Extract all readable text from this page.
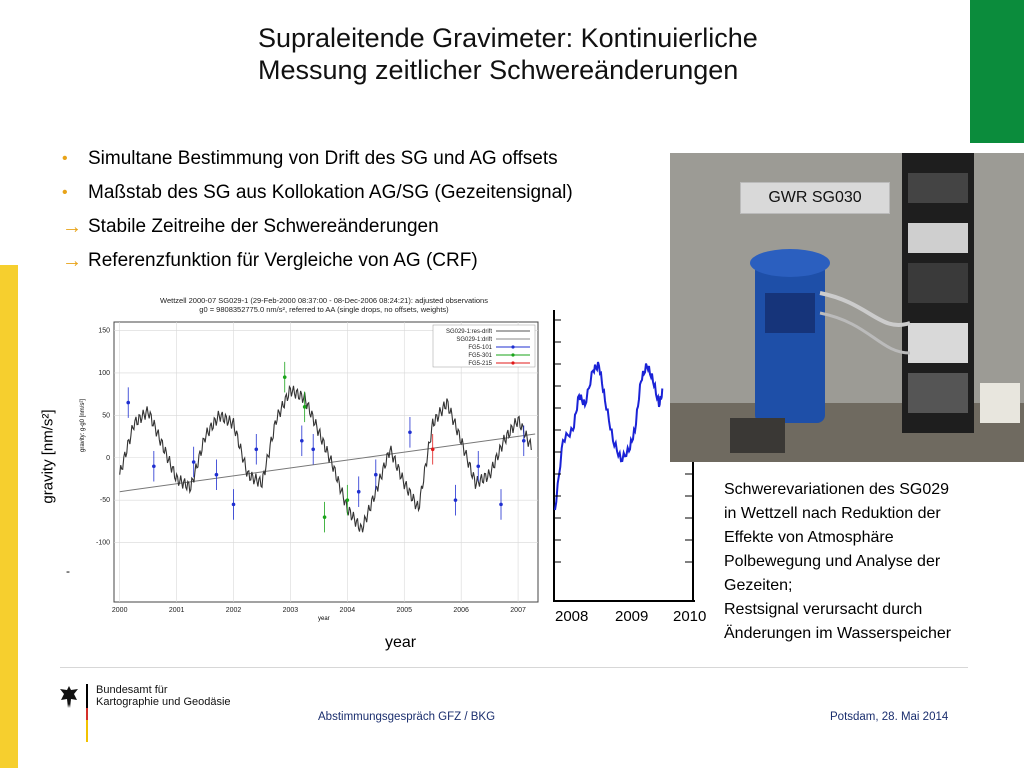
Supraleitende Gravimeter: Kontinuierliche
Messung zeitlicher Schwereänderungen
•	Simultane Bestimmung von Drift des SG und AG offsets
•	Maßstab des SG aus Kollokation AG/SG (Gezeitensignal)
→ Stabile Zeitreihe der Schwereänderungen
→ Referenzfunktion für Vergleiche von AG (CRF)
gravity [nm/s²]
-
year
Wettzell 2000-07 SG029-1 (29-Feb-2000 08:37:00 - 08-Dec-2006 08:24:21): adjusted observations
g0 = 9808352775.0 nm/s², referred to AA (single drops, no offsets, weights)
150
100
50
0
-50
-100
2000	2001	2002	2003	2004	2005	2006	2007
SG029-1:res-drift
SG029-1:drift
FG5-101
FG5-301
FG5-215
gravity: g-g0 [nm/s²]
year	2008 2009 2010
GWR SG030
Schwerevariationen des SG029
in Wettzell nach Reduktion der
Effekte von Atmosphäre
Polbewegung und Analyse der
Gezeiten;
Restsignal verursacht durch
Änderungen im Wasserspeicher
Bundesamt für
Kartographie und Geodäsie
Abstimmungsgespräch GFZ / BKG	Potsdam, 28. Mai 2014
